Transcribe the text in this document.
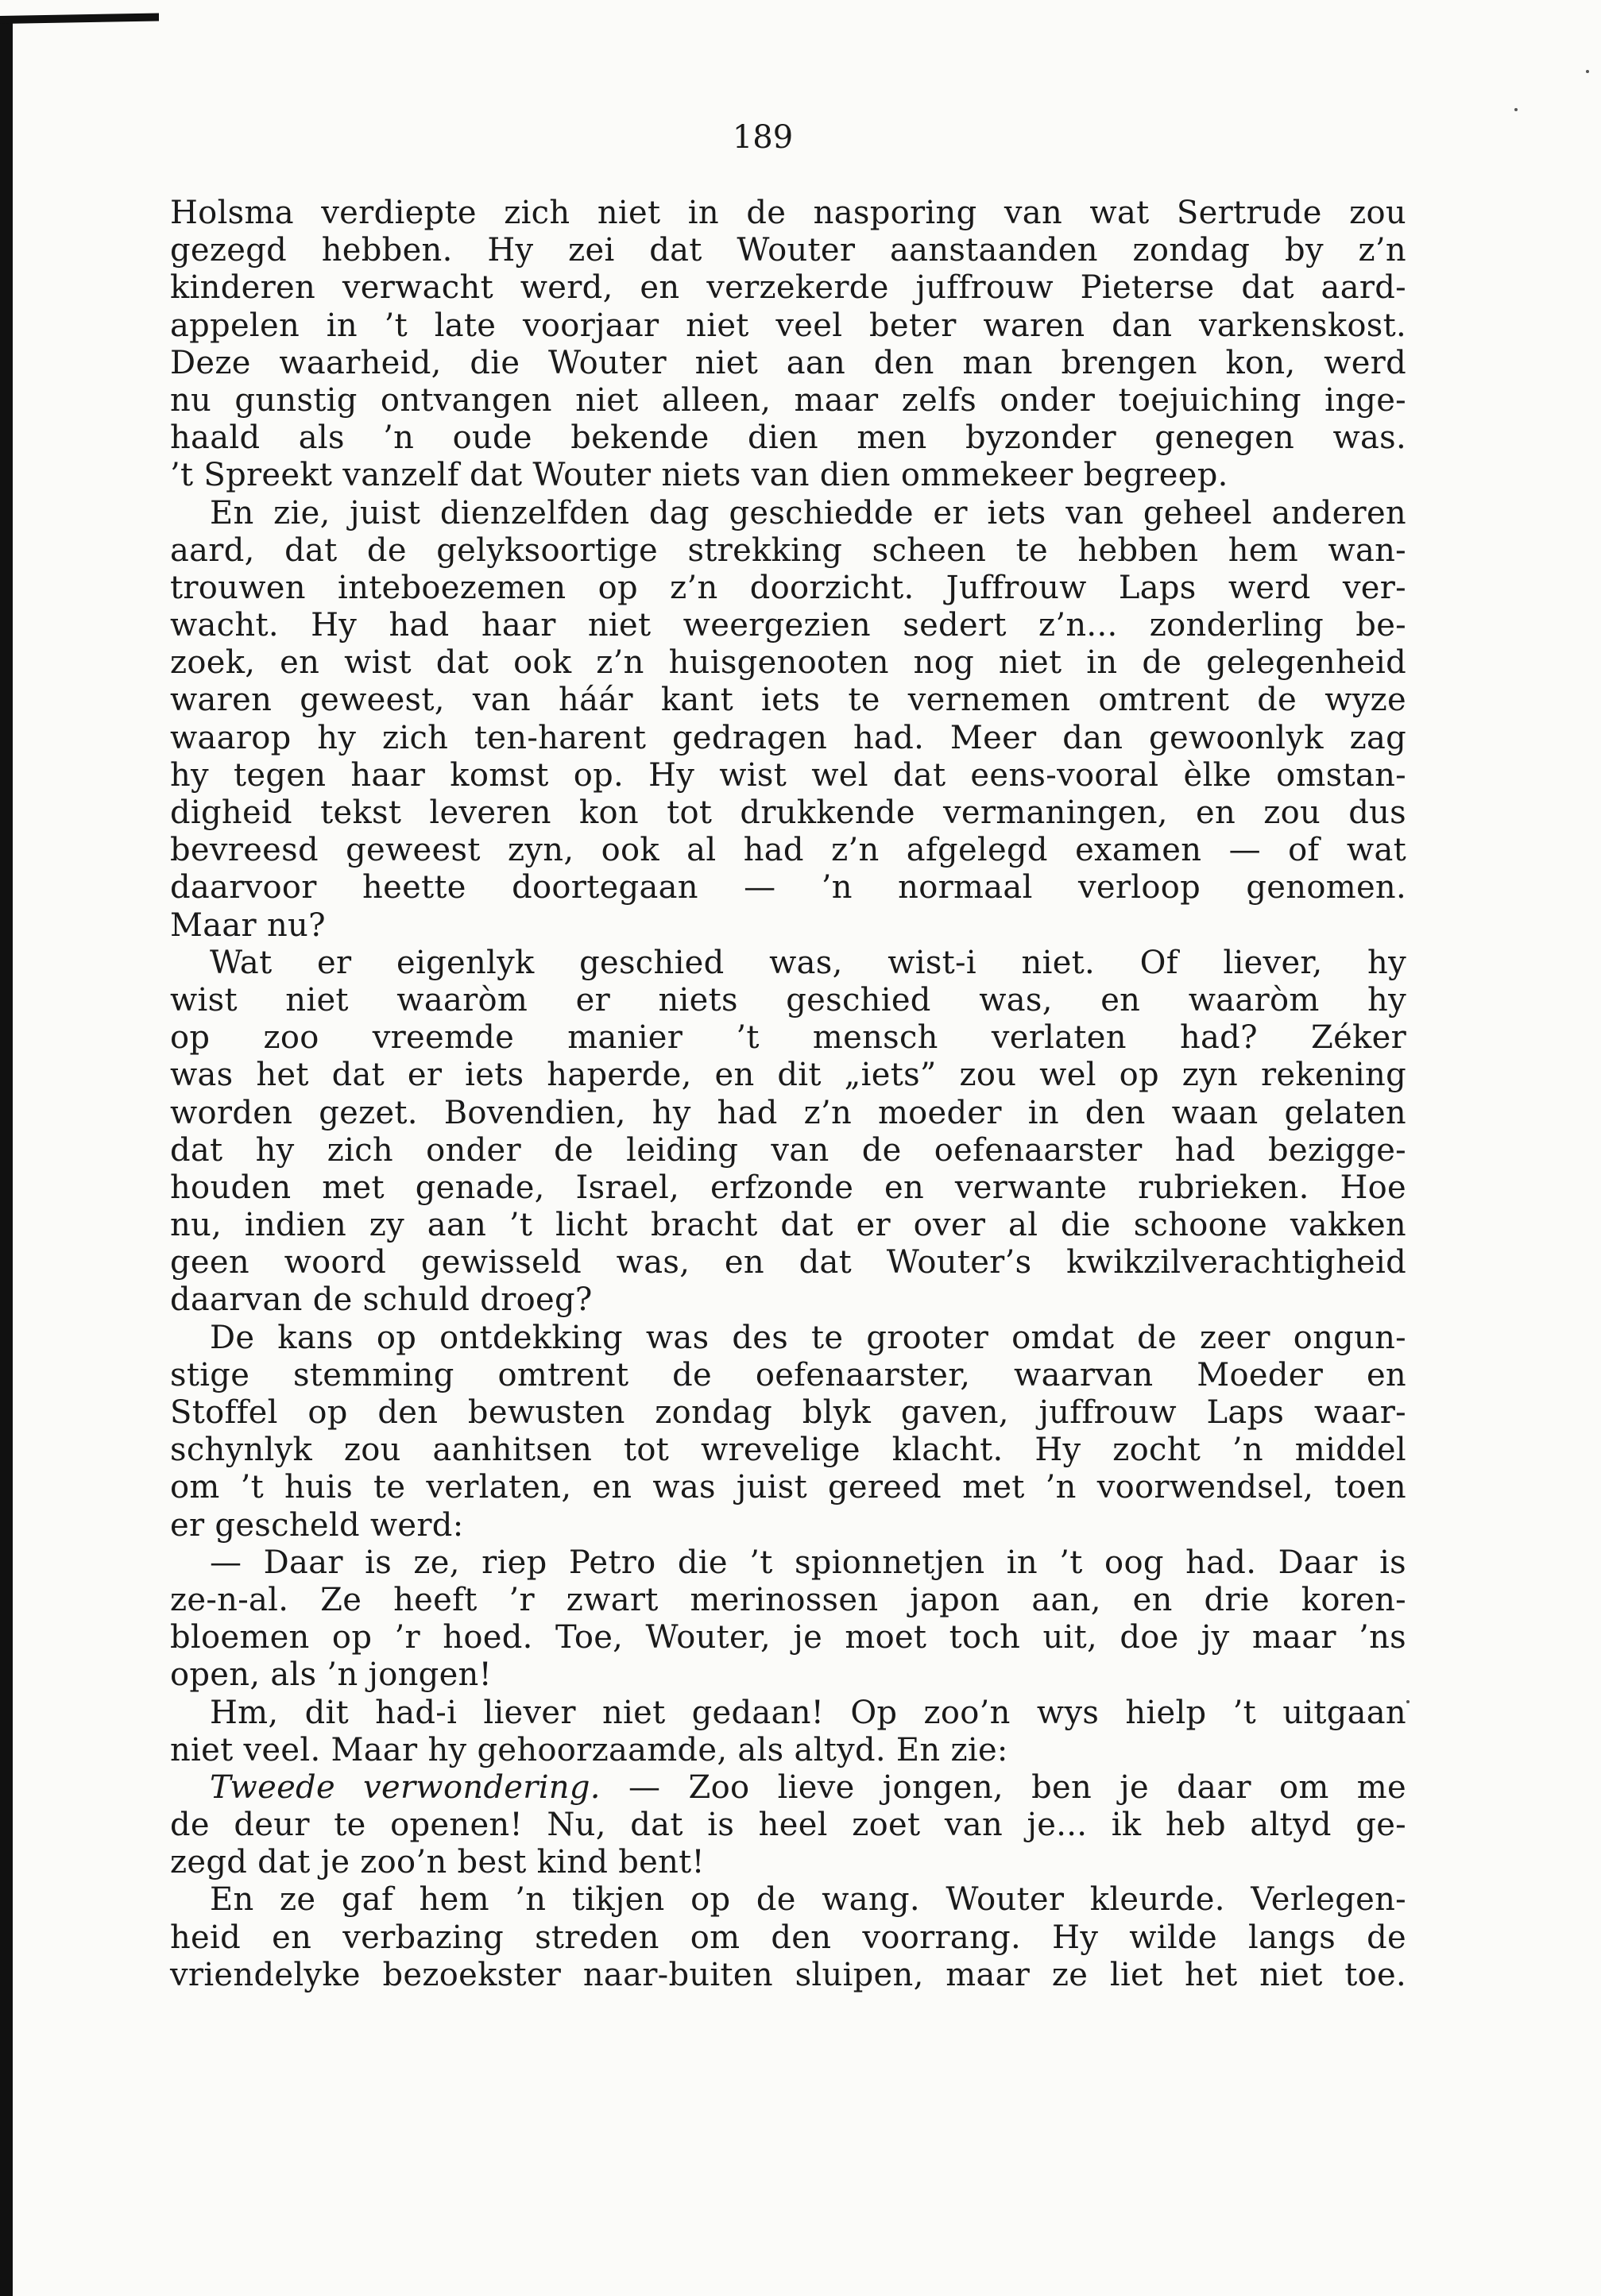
189
Holsma verdiepte zich niet in de nasporing van wat Sertrude zou
gezegd hebben. Hy zei dat Wouter aanstaanden zondag by z’n
kinderen verwacht werd, en verzekerde juffrouw Pieterse dat aard-
appelen in ’t late voorjaar niet veel beter waren dan varkenskost.
Deze waarheid, die Wouter niet aan den man brengen kon, werd
nu gunstig ontvangen niet alleen, maar zelfs onder toejuiching inge-
haald als ’n oude bekende dien men byzonder genegen was.
’t Spreekt vanzelf dat Wouter niets van dien ommekeer begreep.
En zie, juist dienzelfden dag geschiedde er iets van geheel anderen
aard, dat de gelyksoortige strekking scheen te hebben hem wan-
trouwen inteboezemen op z’n doorzicht. Juffrouw Laps werd ver-
wacht. Hy had haar niet weergezien sedert z’n... zonderling be-
zoek, en wist dat ook z’n huisgenooten nog niet in de gelegenheid
waren geweest, van háár kant iets te vernemen omtrent de wyze
waarop hy zich ten-harent gedragen had. Meer dan gewoonlyk zag
hy tegen haar komst op. Hy wist wel dat eens-vooral èlke omstan-
digheid tekst leveren kon tot drukkende vermaningen, en zou dus
bevreesd geweest zyn, ook al had z’n afgelegd examen — of wat
daarvoor heette doortegaan — ’n normaal verloop genomen.
Maar nu?
Wat er eigenlyk geschied was, wist-i niet. Of liever, hy
wist niet waaròm er niets geschied was, en waaròm hy
op zoo vreemde manier ’t mensch verlaten had? Zéker
was het dat er iets haperde, en dit „iets” zou wel op zyn rekening
worden gezet. Bovendien, hy had z’n moeder in den waan gelaten
dat hy zich onder de leiding van de oefenaarster had bezigge-
houden met genade, Israel, erfzonde en verwante rubrieken. Hoe
nu, indien zy aan ’t licht bracht dat er over al die schoone vakken
geen woord gewisseld was, en dat Wouter’s kwikzilverachtigheid
daarvan de schuld droeg?
De kans op ontdekking was des te grooter omdat de zeer ongun-
stige stemming omtrent de oefenaarster, waarvan Moeder en
Stoffel op den bewusten zondag blyk gaven, juffrouw Laps waar-
schynlyk zou aanhitsen tot wrevelige klacht. Hy zocht ’n middel
om ’t huis te verlaten, en was juist gereed met ’n voorwendsel, toen
er gescheld werd:
— Daar is ze, riep Petro die ’t spionnetjen in ’t oog had. Daar is
ze-n-al. Ze heeft ’r zwart merinossen japon aan, en drie koren-
bloemen op ’r hoed. Toe, Wouter, je moet toch uit, doe jy maar ’ns
open, als ’n jongen!
Hm, dit had-i liever niet gedaan! Op zoo’n wys hielp ’t uitgaan
niet veel. Maar hy gehoorzaamde, als altyd. En zie:
Tweede verwondering. — Zoo lieve jongen, ben je daar om me
de deur te openen! Nu, dat is heel zoet van je... ik heb altyd ge-
zegd dat je zoo’n best kind bent!
En ze gaf hem ’n tikjen op de wang. Wouter kleurde. Verlegen-
heid en verbazing streden om den voorrang. Hy wilde langs de
vriendelyke bezoekster naar-buiten sluipen, maar ze liet het niet toe.
